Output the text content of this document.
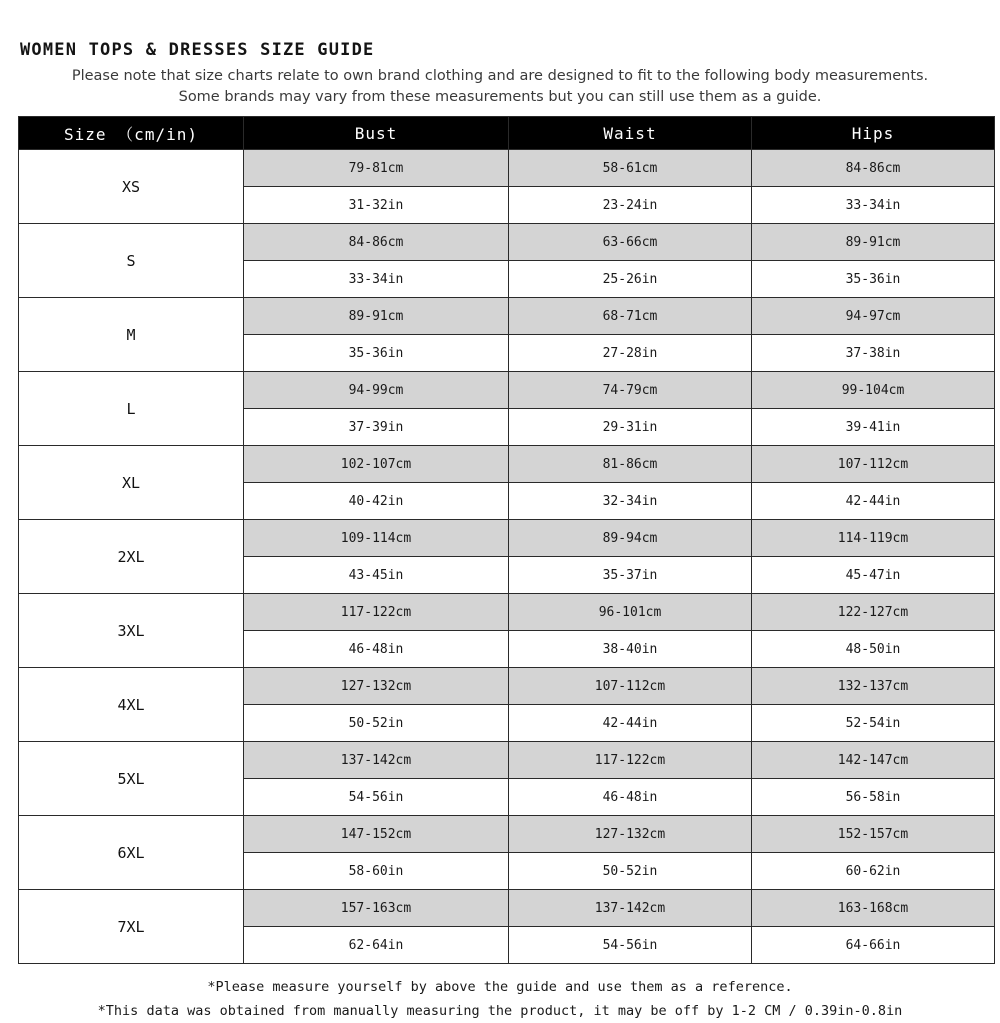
WOMEN TOPS & DRESSES SIZE GUIDE
Please note that size charts relate to own brand clothing and are designed to fit to the following body measurements.
Some brands may vary from these measurements but you can still use them as a guide.
Size （cm/in)	Bust	Waist	Hips
XS	79-81cm	58-61cm	84-86cm
	31-32in	23-24in	33-34in
S	84-86cm	63-66cm	89-91cm
	33-34in	25-26in	35-36in
M	89-91cm	68-71cm	94-97cm
	35-36in	27-28in	37-38in
L	94-99cm	74-79cm	99-104cm
	37-39in	29-31in	39-41in
XL	102-107cm	81-86cm	107-112cm
	40-42in	32-34in	42-44in
2XL	109-114cm	89-94cm	114-119cm
	43-45in	35-37in	45-47in
3XL	117-122cm	96-101cm	122-127cm
	46-48in	38-40in	48-50in
4XL	127-132cm	107-112cm	132-137cm
	50-52in	42-44in	52-54in
5XL	137-142cm	117-122cm	142-147cm
	54-56in	46-48in	56-58in
6XL	147-152cm	127-132cm	152-157cm
	58-60in	50-52in	60-62in
7XL	157-163cm	137-142cm	163-168cm
	62-64in	54-56in	64-66in
*Please measure yourself by above the guide and use them as a reference.
*This data was obtained from manually measuring the product, it may be off by 1-2 CM / 0.39in-0.8in
